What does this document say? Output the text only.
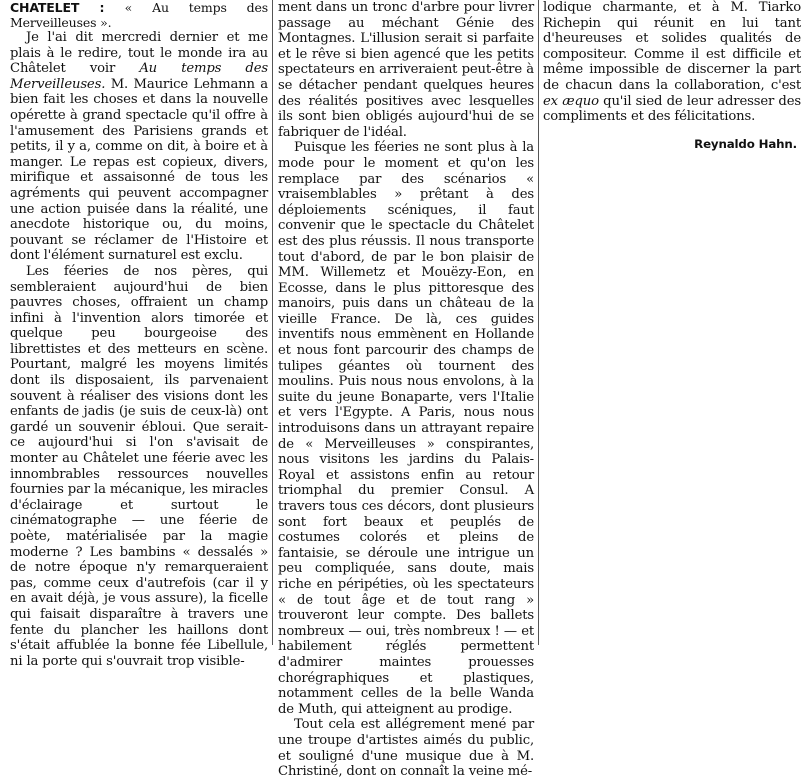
CHATELET : « Au temps des Merveilleuses ».

Je l'ai dit mercredi dernier et me plais à le redire, tout le monde ira au Châtelet voir Au temps des Merveilleuses. M. Maurice Lehmann a bien fait les choses et dans la nouvelle opérette à grand spectacle qu'il offre à l'amusement des Parisiens grands et petits, il y a, comme on dit, à boire et à manger. Le repas est copieux, divers, mirifique et assaisonné de tous les agréments qui peuvent accompagner une action puisée dans la réalité, une anecdote historique ou, du moins, pouvant se réclamer de l'Histoire et dont l'élément surnaturel est exclu.

Les féeries de nos pères, qui sembleraient aujourd'hui de bien pauvres choses, offraient un champ infini à l'invention alors timorée et quelque peu bourgeoise des librettistes et des metteurs en scène. Pourtant, malgré les moyens limités dont ils disposaient, ils parvenaient souvent à réaliser des visions dont les enfants de jadis (je suis de ceux-là) ont gardé un souvenir ébloui. Que serait-ce aujourd'hui si l'on s'avisait de monter au Châtelet une féerie avec les innombrables ressources nouvelles fournies par la mécanique, les miracles d'éclairage et surtout le cinématographe — une féerie de poète, matérialisée par la magie moderne ? Les bambins « dessalés » de notre époque n'y remarqueraient pas, comme ceux d'autrefois (car il y en avait déjà, je vous assure), la ficelle qui faisait disparaître à travers une fente du plancher les haillons dont s'était affublée la bonne fée Libellule, ni la porte qui s'ouvrait trop visible-

ment dans un tronc d'arbre pour livrer passage au méchant Génie des Montagnes. L'illusion serait si parfaite et le rêve si bien agencé que les petits spectateurs en arriveraient peut-être à se détacher pendant quelques heures des réalités positives avec lesquelles ils sont bien obligés aujourd'hui de se fabriquer de l'idéal.

Puisque les féeries ne sont plus à la mode pour le moment et qu'on les remplace par des scénarios « vraisemblables » prêtant à des déploiements scéniques, il faut convenir que le spectacle du Châtelet est des plus réussis. Il nous transporte tout d'abord, de par le bon plaisir de MM. Willemetz et Mouëzy-Eon, en Ecosse, dans le plus pittoresque des manoirs, puis dans un château de la vieille France. De là, ces guides inventifs nous emmènent en Hollande et nous font parcourir des champs de tulipes géantes où tournent des moulins. Puis nous nous envolons, à la suite du jeune Bonaparte, vers l'Italie et vers l'Egypte. A Paris, nous nous introduisons dans un attrayant repaire de « Merveilleuses » conspirantes, nous visitons les jardins du Palais-Royal et assistons enfin au retour triomphal du premier Consul. A travers tous ces décors, dont plusieurs sont fort beaux et peuplés de costumes colorés et pleins de fantaisie, se déroule une intrigue un peu compliquée, sans doute, mais riche en péripéties, où les spectateurs « de tout âge et de tout rang » trouveront leur compte. Des ballets nombreux — oui, très nombreux ! — et habilement réglés permettent d'admirer maintes prouesses chorégraphiques et plastiques, notamment celles de la belle Wanda de Muth, qui atteignent au prodige.

Tout cela est allégrement mené par une troupe d'artistes aimés du public, et souligné d'une musique due à M. Christiné, dont on connaît la veine mé-

lodique charmante, et à M. Tiarko Richepin qui réunit en lui tant d'heureuses et solides qualités de compositeur. Comme il est difficile et même impossible de discerner la part de chacun dans la collaboration, c'est ex æquo qu'il sied de leur adresser des compliments et des félicitations.

Reynaldo Hahn.
